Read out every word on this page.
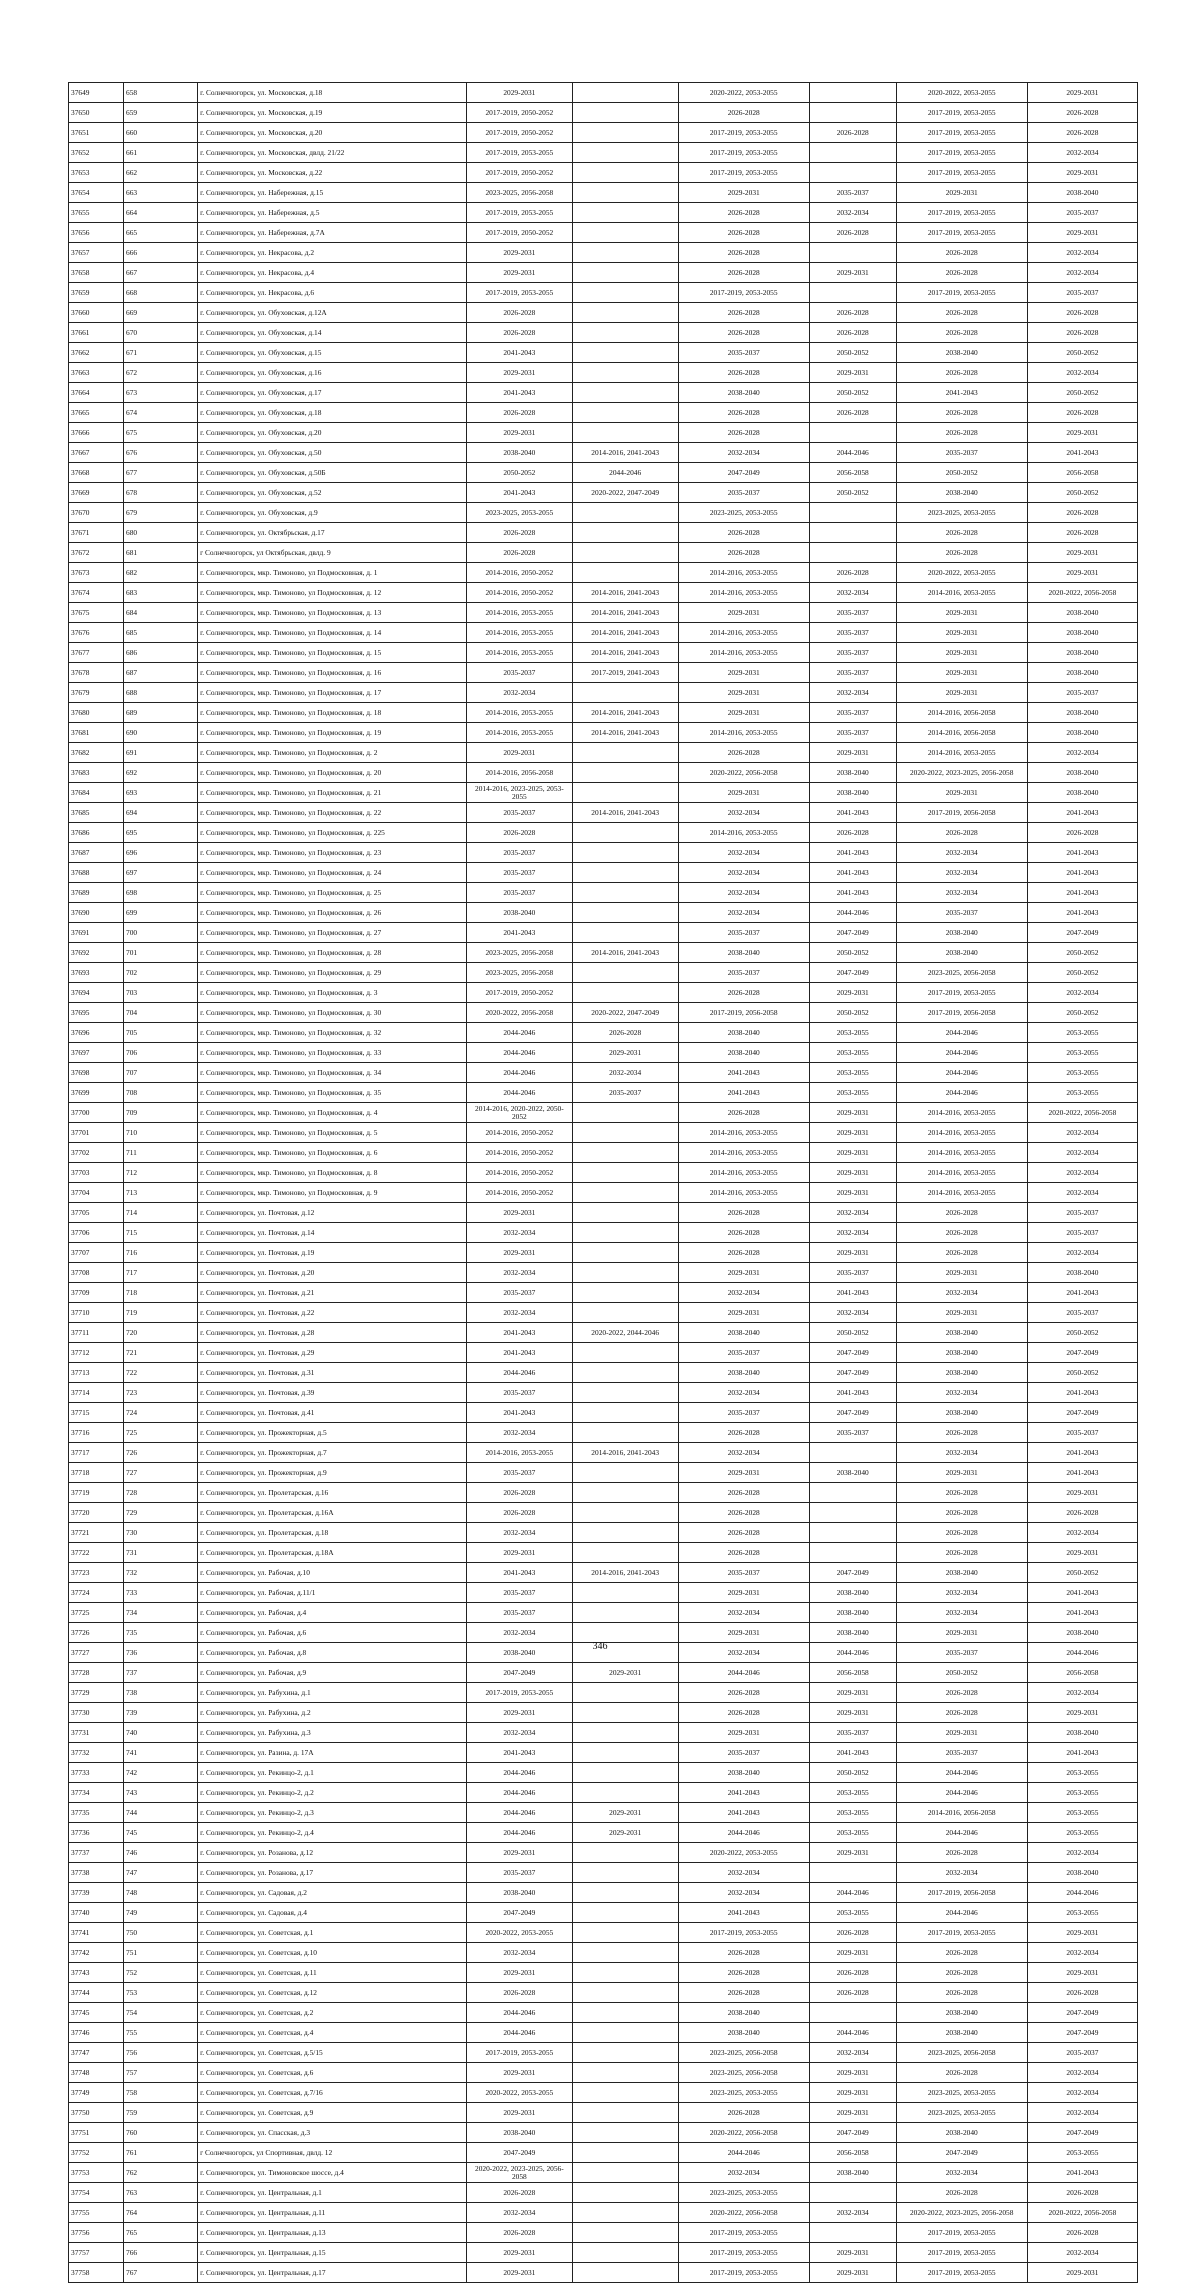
37649	658	г. Солнечногорск, ул. Московская, д.18	2029-2031		2020-2022, 2053-2055		2020-2022, 2053-2055	2029-2031
37650	659	г. Солнечногорск, ул. Московская, д.19	2017-2019, 2050-2052		2026-2028		2017-2019, 2053-2055	2026-2028
37651	660	г. Солнечногорск, ул. Московская, д.20	2017-2019, 2050-2052		2017-2019, 2053-2055	2026-2028	2017-2019, 2053-2055	2026-2028
37652	661	г. Солнечногорск, ул. Московская, двлд. 21/22	2017-2019, 2053-2055		2017-2019, 2053-2055		2017-2019, 2053-2055	2032-2034
37653	662	г. Солнечногорск, ул. Московская, д.22	2017-2019, 2050-2052		2017-2019, 2053-2055		2017-2019, 2053-2055	2029-2031
37654	663	г. Солнечногорск, ул. Набережная, д.15	2023-2025, 2056-2058		2029-2031	2035-2037	2029-2031	2038-2040
37655	664	г. Солнечногорск, ул. Набережная, д.5	2017-2019, 2053-2055		2026-2028	2032-2034	2017-2019, 2053-2055	2035-2037
37656	665	г. Солнечногорск, ул. Набережная, д.7А	2017-2019, 2050-2052		2026-2028	2026-2028	2017-2019, 2053-2055	2029-2031
37657	666	г. Солнечногорск, ул. Некрасова, д.2	2029-2031		2026-2028		2026-2028	2032-2034
37658	667	г. Солнечногорск, ул. Некрасова, д.4	2029-2031		2026-2028	2029-2031	2026-2028	2032-2034
37659	668	г. Солнечногорск, ул. Некрасова, д.6	2017-2019, 2053-2055		2017-2019, 2053-2055		2017-2019, 2053-2055	2035-2037
37660	669	г. Солнечногорск, ул. Обуховская, д.12А	2026-2028		2026-2028	2026-2028	2026-2028	2026-2028
37661	670	г. Солнечногорск, ул. Обуховская, д.14	2026-2028		2026-2028	2026-2028	2026-2028	2026-2028
37662	671	г. Солнечногорск, ул. Обуховская, д.15	2041-2043		2035-2037	2050-2052	2038-2040	2050-2052
37663	672	г. Солнечногорск, ул. Обуховская, д.16	2029-2031		2026-2028	2029-2031	2026-2028	2032-2034
37664	673	г. Солнечногорск, ул. Обуховская, д.17	2041-2043		2038-2040	2050-2052	2041-2043	2050-2052
37665	674	г. Солнечногорск, ул. Обуховская, д.18	2026-2028		2026-2028	2026-2028	2026-2028	2026-2028
37666	675	г. Солнечногорск, ул. Обуховская, д.20	2029-2031		2026-2028		2026-2028	2029-2031
37667	676	г. Солнечногорск, ул. Обуховская, д.50	2038-2040	2014-2016, 2041-2043	2032-2034	2044-2046	2035-2037	2041-2043
37668	677	г. Солнечногорск, ул. Обуховская, д.50Б	2050-2052	2044-2046	2047-2049	2056-2058	2050-2052	2056-2058
37669	678	г. Солнечногорск, ул. Обуховская, д.52	2041-2043	2020-2022, 2047-2049	2035-2037	2050-2052	2038-2040	2050-2052
37670	679	г. Солнечногорск, ул. Обуховская, д.9	2023-2025, 2053-2055		2023-2025, 2053-2055		2023-2025, 2053-2055	2026-2028
37671	680	г. Солнечногорск, ул. Октябрьская, д.17	2026-2028		2026-2028		2026-2028	2026-2028
37672	681	г Солнечногорск, ул Октябрьская, двлд. 9	2026-2028		2026-2028		2026-2028	2029-2031
37673	682	г. Солнечногорск, мкр. Тимоново, ул Подмосковная, д. 1	2014-2016, 2050-2052		2014-2016, 2053-2055	2026-2028	2020-2022, 2053-2055	2029-2031
37674	683	г. Солнечногорск, мкр. Тимоново, ул Подмосковная, д. 12	2014-2016, 2050-2052	2014-2016, 2041-2043	2014-2016, 2053-2055	2032-2034	2014-2016, 2053-2055	2020-2022, 2056-2058
37675	684	г. Солнечногорск, мкр. Тимоново, ул Подмосковная, д. 13	2014-2016, 2053-2055	2014-2016, 2041-2043	2029-2031	2035-2037	2029-2031	2038-2040
37676	685	г. Солнечногорск, мкр. Тимоново, ул Подмосковная, д. 14	2014-2016, 2053-2055	2014-2016, 2041-2043	2014-2016, 2053-2055	2035-2037	2029-2031	2038-2040
37677	686	г. Солнечногорск, мкр. Тимоново, ул Подмосковная, д. 15	2014-2016, 2053-2055	2014-2016, 2041-2043	2014-2016, 2053-2055	2035-2037	2029-2031	2038-2040
37678	687	г. Солнечногорск, мкр. Тимоново, ул Подмосковная, д. 16	2035-2037	2017-2019, 2041-2043	2029-2031	2035-2037	2029-2031	2038-2040
37679	688	г. Солнечногорск, мкр. Тимоново, ул Подмосковная, д. 17	2032-2034		2029-2031	2032-2034	2029-2031	2035-2037
37680	689	г. Солнечногорск, мкр. Тимоново, ул Подмосковная, д. 18	2014-2016, 2053-2055	2014-2016, 2041-2043	2029-2031	2035-2037	2014-2016, 2056-2058	2038-2040
37681	690	г. Солнечногорск, мкр. Тимоново, ул Подмосковная, д. 19	2014-2016, 2053-2055	2014-2016, 2041-2043	2014-2016, 2053-2055	2035-2037	2014-2016, 2056-2058	2038-2040
37682	691	г. Солнечногорск, мкр. Тимоново, ул Подмосковная, д. 2	2029-2031		2026-2028	2029-2031	2014-2016, 2053-2055	2032-2034
37683	692	г. Солнечногорск, мкр. Тимоново, ул Подмосковная, д. 20	2014-2016, 2056-2058		2020-2022, 2056-2058	2038-2040	2020-2022, 2023-2025, 2056-2058	2038-2040
37684	693	г. Солнечногорск, мкр. Тимоново, ул Подмосковная, д. 21	2014-2016, 2023-2025, 2053-2055		2029-2031	2038-2040	2029-2031	2038-2040
37685	694	г. Солнечногорск, мкр. Тимоново, ул Подмосковная, д. 22	2035-2037	2014-2016, 2041-2043	2032-2034	2041-2043	2017-2019, 2056-2058	2041-2043
37686	695	г. Солнечногорск, мкр. Тимоново, ул Подмосковная, д. 225	2026-2028		2014-2016, 2053-2055	2026-2028	2026-2028	2026-2028
37687	696	г. Солнечногорск, мкр. Тимоново, ул Подмосковная, д. 23	2035-2037		2032-2034	2041-2043	2032-2034	2041-2043
37688	697	г. Солнечногорск, мкр. Тимоново, ул Подмосковная, д. 24	2035-2037		2032-2034	2041-2043	2032-2034	2041-2043
37689	698	г. Солнечногорск, мкр. Тимоново, ул Подмосковная, д. 25	2035-2037		2032-2034	2041-2043	2032-2034	2041-2043
37690	699	г. Солнечногорск, мкр. Тимоново, ул Подмосковная, д. 26	2038-2040		2032-2034	2044-2046	2035-2037	2041-2043
37691	700	г. Солнечногорск, мкр. Тимоново, ул Подмосковная, д. 27	2041-2043		2035-2037	2047-2049	2038-2040	2047-2049
37692	701	г. Солнечногорск, мкр. Тимоново, ул Подмосковная, д. 28	2023-2025, 2056-2058	2014-2016, 2041-2043	2038-2040	2050-2052	2038-2040	2050-2052
37693	702	г. Солнечногорск, мкр. Тимоново, ул Подмосковная, д. 29	2023-2025, 2056-2058		2035-2037	2047-2049	2023-2025, 2056-2058	2050-2052
37694	703	г. Солнечногорск, мкр. Тимоново, ул Подмосковная, д. 3	2017-2019, 2050-2052		2026-2028	2029-2031	2017-2019, 2053-2055	2032-2034
37695	704	г. Солнечногорск, мкр. Тимоново, ул Подмосковная, д. 30	2020-2022, 2056-2058	2020-2022, 2047-2049	2017-2019, 2056-2058	2050-2052	2017-2019, 2056-2058	2050-2052
37696	705	г. Солнечногорск, мкр. Тимоново, ул Подмосковная, д. 32	2044-2046	2026-2028	2038-2040	2053-2055	2044-2046	2053-2055
37697	706	г. Солнечногорск, мкр. Тимоново, ул Подмосковная, д. 33	2044-2046	2029-2031	2038-2040	2053-2055	2044-2046	2053-2055
37698	707	г. Солнечногорск, мкр. Тимоново, ул Подмосковная, д. 34	2044-2046	2032-2034	2041-2043	2053-2055	2044-2046	2053-2055
37699	708	г. Солнечногорск, мкр. Тимоново, ул Подмосковная, д. 35	2044-2046	2035-2037	2041-2043	2053-2055	2044-2046	2053-2055
37700	709	г. Солнечногорск, мкр. Тимоново, ул Подмосковная, д. 4	2014-2016, 2020-2022, 2050-2052		2026-2028	2029-2031	2014-2016, 2053-2055	2020-2022, 2056-2058
37701	710	г. Солнечногорск, мкр. Тимоново, ул Подмосковная, д. 5	2014-2016, 2050-2052		2014-2016, 2053-2055	2029-2031	2014-2016, 2053-2055	2032-2034
37702	711	г. Солнечногорск, мкр. Тимоново, ул Подмосковная, д. 6	2014-2016, 2050-2052		2014-2016, 2053-2055	2029-2031	2014-2016, 2053-2055	2032-2034
37703	712	г. Солнечногорск, мкр. Тимоново, ул Подмосковная, д. 8	2014-2016, 2050-2052		2014-2016, 2053-2055	2029-2031	2014-2016, 2053-2055	2032-2034
37704	713	г. Солнечногорск, мкр. Тимоново, ул Подмосковная, д. 9	2014-2016, 2050-2052		2014-2016, 2053-2055	2029-2031	2014-2016, 2053-2055	2032-2034
37705	714	г. Солнечногорск, ул. Почтовая, д.12	2029-2031		2026-2028	2032-2034	2026-2028	2035-2037
37706	715	г. Солнечногорск, ул. Почтовая, д.14	2032-2034		2026-2028	2032-2034	2026-2028	2035-2037
37707	716	г. Солнечногорск, ул. Почтовая, д.19	2029-2031		2026-2028	2029-2031	2026-2028	2032-2034
37708	717	г. Солнечногорск, ул. Почтовая, д.20	2032-2034		2029-2031	2035-2037	2029-2031	2038-2040
37709	718	г. Солнечногорск, ул. Почтовая, д.21	2035-2037		2032-2034	2041-2043	2032-2034	2041-2043
37710	719	г. Солнечногорск, ул. Почтовая, д.22	2032-2034		2029-2031	2032-2034	2029-2031	2035-2037
37711	720	г. Солнечногорск, ул. Почтовая, д.28	2041-2043	2020-2022, 2044-2046	2038-2040	2050-2052	2038-2040	2050-2052
37712	721	г. Солнечногорск, ул. Почтовая, д.29	2041-2043		2035-2037	2047-2049	2038-2040	2047-2049
37713	722	г. Солнечногорск, ул. Почтовая, д.31	2044-2046		2038-2040	2047-2049	2038-2040	2050-2052
37714	723	г. Солнечногорск, ул. Почтовая, д.39	2035-2037		2032-2034	2041-2043	2032-2034	2041-2043
37715	724	г. Солнечногорск, ул. Почтовая, д.41	2041-2043		2035-2037	2047-2049	2038-2040	2047-2049
37716	725	г. Солнечногорск, ул. Прожекторная, д.5	2032-2034		2026-2028	2035-2037	2026-2028	2035-2037
37717	726	г. Солнечногорск, ул. Прожекторная, д.7	2014-2016, 2053-2055	2014-2016, 2041-2043	2032-2034		2032-2034	2041-2043
37718	727	г. Солнечногорск, ул. Прожекторная, д.9	2035-2037		2029-2031	2038-2040	2029-2031	2041-2043
37719	728	г. Солнечногорск, ул. Пролетарская, д.16	2026-2028		2026-2028		2026-2028	2029-2031
37720	729	г. Солнечногорск, ул. Пролетарская, д.16А	2026-2028		2026-2028		2026-2028	2026-2028
37721	730	г. Солнечногорск, ул. Пролетарская, д.18	2032-2034		2026-2028		2026-2028	2032-2034
37722	731	г. Солнечногорск, ул. Пролетарская, д.18А	2029-2031		2026-2028		2026-2028	2029-2031
37723	732	г. Солнечногорск, ул. Рабочая, д.10	2041-2043	2014-2016, 2041-2043	2035-2037	2047-2049	2038-2040	2050-2052
37724	733	г. Солнечногорск, ул. Рабочая, д.11/1	2035-2037		2029-2031	2038-2040	2032-2034	2041-2043
37725	734	г. Солнечногорск, ул. Рабочая, д.4	2035-2037		2032-2034	2038-2040	2032-2034	2041-2043
37726	735	г. Солнечногорск, ул. Рабочая, д.6	2032-2034		2029-2031	2038-2040	2029-2031	2038-2040
37727	736	г. Солнечногорск, ул. Рабочая, д.8	2038-2040		2032-2034	2044-2046	2035-2037	2044-2046
37728	737	г. Солнечногорск, ул. Рабочая, д.9	2047-2049	2029-2031	2044-2046	2056-2058	2050-2052	2056-2058
37729	738	г. Солнечногорск, ул. Рабухина, д.1	2017-2019, 2053-2055		2026-2028	2029-2031	2026-2028	2032-2034
37730	739	г. Солнечногорск, ул. Рабухина, д.2	2029-2031		2026-2028	2029-2031	2026-2028	2029-2031
37731	740	г. Солнечногорск, ул. Рабухина, д.3	2032-2034		2029-2031	2035-2037	2029-2031	2038-2040
37732	741	г. Солнечногорск, ул. Разина, д. 17А	2041-2043		2035-2037	2041-2043	2035-2037	2041-2043
37733	742	г. Солнечногорск, ул. Рекинцо-2, д.1	2044-2046		2038-2040	2050-2052	2044-2046	2053-2055
37734	743	г. Солнечногорск, ул. Рекинцо-2, д.2	2044-2046		2041-2043	2053-2055	2044-2046	2053-2055
37735	744	г. Солнечногорск, ул. Рекинцо-2, д.3	2044-2046	2029-2031	2041-2043	2053-2055	2014-2016, 2056-2058	2053-2055
37736	745	г. Солнечногорск, ул. Рекинцо-2, д.4	2044-2046	2029-2031	2044-2046	2053-2055	2044-2046	2053-2055
37737	746	г. Солнечногорск, ул. Розанова, д.12	2029-2031		2020-2022, 2053-2055	2029-2031	2026-2028	2032-2034
37738	747	г. Солнечногорск, ул. Розанова, д.17	2035-2037		2032-2034		2032-2034	2038-2040
37739	748	г. Солнечногорск, ул. Садовая, д.2	2038-2040		2032-2034	2044-2046	2017-2019, 2056-2058	2044-2046
37740	749	г. Солнечногорск, ул. Садовая, д.4	2047-2049		2041-2043	2053-2055	2044-2046	2053-2055
37741	750	г. Солнечногорск, ул. Советская, д.1	2020-2022, 2053-2055		2017-2019, 2053-2055	2026-2028	2017-2019, 2053-2055	2029-2031
37742	751	г. Солнечногорск, ул. Советская, д.10	2032-2034		2026-2028	2029-2031	2026-2028	2032-2034
37743	752	г. Солнечногорск, ул. Советская, д.11	2029-2031		2026-2028	2026-2028	2026-2028	2029-2031
37744	753	г. Солнечногорск, ул. Советская, д.12	2026-2028		2026-2028	2026-2028	2026-2028	2026-2028
37745	754	г. Солнечногорск, ул. Советская, д.2	2044-2046		2038-2040		2038-2040	2047-2049
37746	755	г. Солнечногорск, ул. Советская, д.4	2044-2046		2038-2040	2044-2046	2038-2040	2047-2049
37747	756	г. Солнечногорск, ул. Советская, д.5/15	2017-2019, 2053-2055		2023-2025, 2056-2058	2032-2034	2023-2025, 2056-2058	2035-2037
37748	757	г. Солнечногорск, ул. Советская, д.6	2029-2031		2023-2025, 2056-2058	2029-2031	2026-2028	2032-2034
37749	758	г. Солнечногорск, ул. Советская, д.7/16	2020-2022, 2053-2055		2023-2025, 2053-2055	2029-2031	2023-2025, 2053-2055	2032-2034
37750	759	г. Солнечногорск, ул. Советская, д.9	2029-2031		2026-2028	2029-2031	2023-2025, 2053-2055	2032-2034
37751	760	г. Солнечногорск, ул. Спасская, д.3	2038-2040		2020-2022, 2056-2058	2047-2049	2038-2040	2047-2049
37752	761	г Солнечногорск, ул Спортивная, двлд. 12	2047-2049		2044-2046	2056-2058	2047-2049	2053-2055
37753	762	г. Солнечногорск, ул. Тимоновское шоссе, д.4	2020-2022, 2023-2025, 2056-2058		2032-2034	2038-2040	2032-2034	2041-2043
37754	763	г. Солнечногорск, ул. Центральная, д.1	2026-2028		2023-2025, 2053-2055		2026-2028	2026-2028
37755	764	г. Солнечногорск, ул. Центральная, д.11	2032-2034		2020-2022, 2056-2058	2032-2034	2020-2022, 2023-2025, 2056-2058	2020-2022, 2056-2058
37756	765	г. Солнечногорск, ул. Центральная, д.13	2026-2028		2017-2019, 2053-2055		2017-2019, 2053-2055	2026-2028
37757	766	г. Солнечногорск, ул. Центральная, д.15	2029-2031		2017-2019, 2053-2055	2029-2031	2017-2019, 2053-2055	2032-2034
37758	767	г. Солнечногорск, ул. Центральная, д.17	2029-2031		2017-2019, 2053-2055	2029-2031	2017-2019, 2053-2055	2029-2031
346
